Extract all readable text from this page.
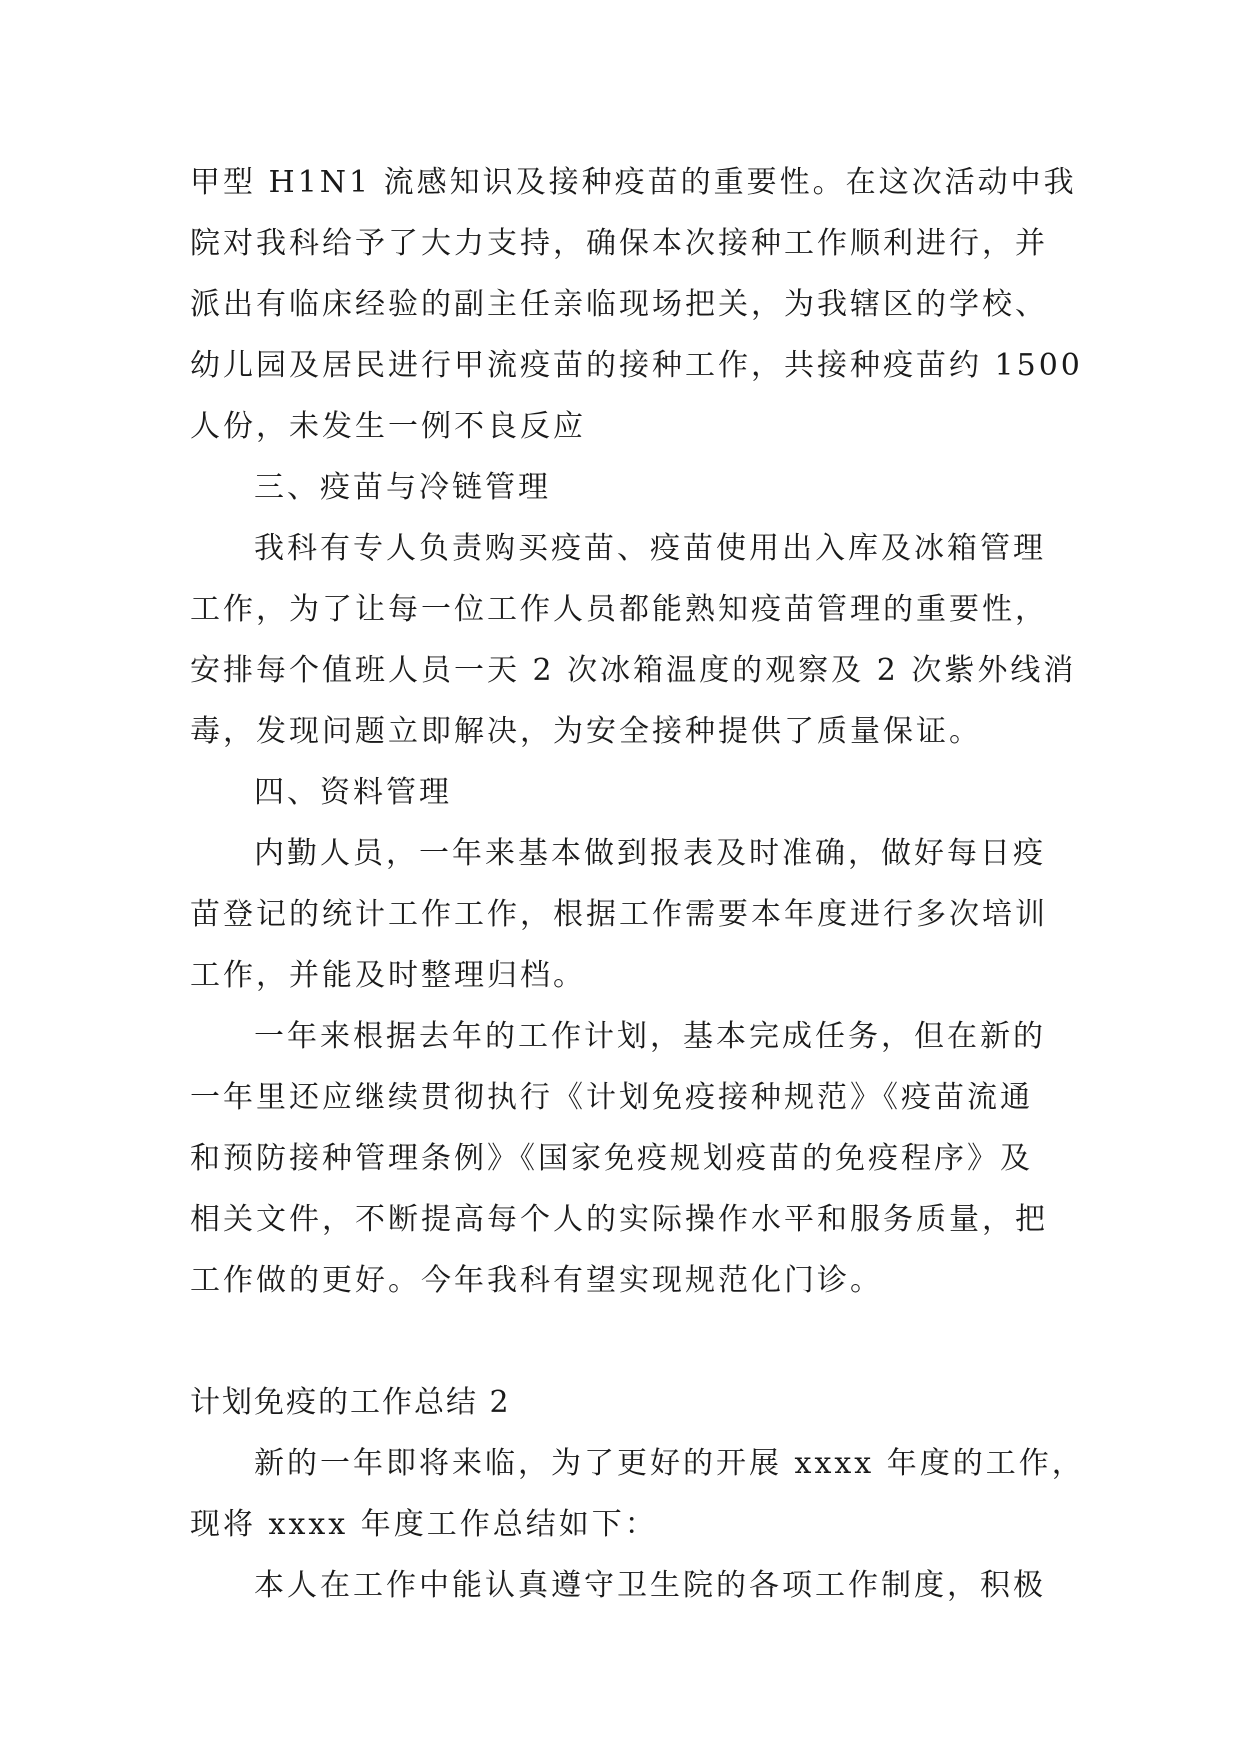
甲型 H1N1 流感知识及接种疫苗的重要性。在这次活动中我
院对我科给予了大力支持，确保本次接种工作顺利进行，并
派出有临床经验的副主任亲临现场把关，为我辖区的学校、
幼儿园及居民进行甲流疫苗的接种工作，共接种疫苗约 1500
人份，未发生一例不良反应
三、疫苗与冷链管理
我科有专人负责购买疫苗、疫苗使用出入库及冰箱管理
工作，为了让每一位工作人员都能熟知疫苗管理的重要性，
安排每个值班人员一天 2 次冰箱温度的观察及 2 次紫外线消
毒，发现问题立即解决，为安全接种提供了质量保证。
四、资料管理
内勤人员，一年来基本做到报表及时准确，做好每日疫
苗登记的统计工作工作，根据工作需要本年度进行多次培训
工作，并能及时整理归档。
一年来根据去年的工作计划，基本完成任务，但在新的
一年里还应继续贯彻执行《计划免疫接种规范》《疫苗流通
和预防接种管理条例》《国家免疫规划疫苗的免疫程序》及
相关文件，不断提高每个人的实际操作水平和服务质量，把
工作做的更好。今年我科有望实现规范化门诊。
计划免疫的工作总结 2
新的一年即将来临，为了更好的开展 xxxx 年度的工作，
现将 xxxx 年度工作总结如下：
本人在工作中能认真遵守卫生院的各项工作制度，积极
